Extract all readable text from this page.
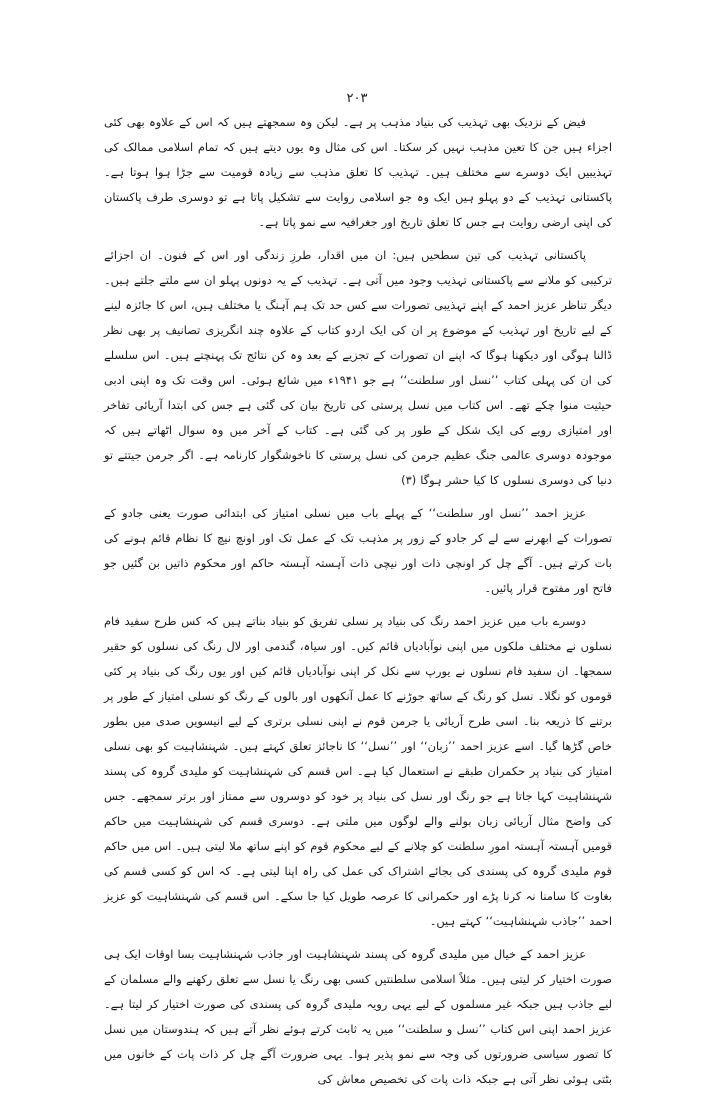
۲۰۳

فیض کے نزدیک بھی تہذیب کی بنیاد مذہب پر ہے۔ لیکن وہ سمجھتے ہیں کہ اس کے علاوہ بھی کئی اجزاء ہیں جن کا تعین مذہب نہیں کر سکتا۔ اس کی مثال وہ یوں دیتے ہیں کہ تمام اسلامی ممالک کی تہذیبیں ایک دوسرے سے مختلف ہیں۔ تہذیب کا تعلق مذہب سے زیادہ قومیت سے جڑا ہوا ہوتا ہے۔ پاکستانی تہذیب کے دو پہلو ہیں ایک وہ جو اسلامی روایت سے تشکیل پاتا ہے تو دوسری طرف پاکستان کی اپنی ارضی روایت ہے جس کا تعلق تاریخ اور جغرافیہ سے نمو پاتا ہے۔

پاکستانی تہذیب کی تین سطحیں ہیں: ان میں اقدار، طرزِ زندگی اور اس کے فنون۔ ان اجزائے ترکیبی کو ملانے سے پاکستانی تہذیب وجود میں آتی ہے۔ تہذیب کے یہ دونوں پہلو ان سے ملتے جلتے ہیں۔ دیگر تناظر عزیز احمد کے اپنے تہذیبی تصورات سے کس حد تک ہم آہنگ یا مختلف ہیں، اس کا جائزہ لینے کے لیے تاریخ اور تہذیب کے موضوع پر ان کی ایک اردو کتاب کے علاوہ چند انگریزی تصانیف پر بھی نظر ڈالنا ہوگی اور دیکھنا ہوگا کہ اپنے ان تصورات کے تجزیے کے بعد وہ کن نتائج تک پہنچتے ہیں۔ اس سلسلے کی ان کی پہلی کتاب ’’نسل اور سلطنت‘‘ ہے جو ۱۹۴۱ء میں شائع ہوئی۔ اس وقت تک وہ اپنی ادبی حیثیت منوا چکے تھے۔ اس کتاب میں نسل پرستی کی تاریخ بیان کی گئی ہے جس کی ابتدا آریائی تفاخر اور امتیازی رویے کی ایک شکل کے طور پر کی گئی ہے۔ کتاب کے آخر میں وہ سوال اٹھاتے ہیں کہ موجودہ دوسری عالمی جنگ عظیم جرمن کی نسل پرستی کا ناخوشگوار کارنامہ ہے۔ اگر جرمن جیتتے تو دنیا کی دوسری نسلوں کا کیا حشر ہوگا (۳)

عزیز احمد ’’نسل اور سلطنت‘‘ کے پہلے باب میں نسلی امتیاز کی ابتدائی صورت یعنی جادو کے تصورات کے ابھرنے سے لے کر جادو کے زور پر مذہب تک کے عمل تک اور اونچ نیچ کا نظام قائم ہونے کی بات کرتے ہیں۔ آگے چل کر اونچی ذات اور نیچی ذات آہستہ آہستہ حاکم اور محکوم ذاتیں بن گئیں جو فاتح اور مفتوح قرار پائیں۔

دوسرے باب میں عزیز احمد رنگ کی بنیاد پر نسلی تفریق کو بنیاد بناتے ہیں کہ کس طرح سفید فام نسلوں نے مختلف ملکوں میں اپنی نوآبادیاں قائم کیں۔ اور سیاہ، گندمی اور لال رنگ کی نسلوں کو حقیر سمجھا۔ ان سفید فام نسلوں نے یورپ سے نکل کر اپنی نوآبادیاں قائم کیں اور یوں رنگ کی بنیاد پر کئی قوموں کو نگلا۔ نسل کو رنگ کے ساتھ جوڑنے کا عمل آنکھوں اور بالوں کے رنگ کو نسلی امتیاز کے طور پر برتنے کا ذریعہ بنا۔ اسی طرح آریائی یا جرمن قوم نے اپنی نسلی برتری کے لیے انیسویں صدی میں بطور خاص گڑھا گیا۔ اسے عزیز احمد ’’زبان‘‘ اور ’’نسل‘‘ کا ناجائز تعلق کہتے ہیں۔ شہنشاہیت کو بھی نسلی امتیاز کی بنیاد پر حکمران طبقے نے استعمال کیا ہے۔ اس قسم کی شہنشاہیت کو ملیدی گروہ کی پسند شہنشاہیت کہا جاتا ہے جو رنگ اور نسل کی بنیاد پر خود کو دوسروں سے ممتاز اور برتر سمجھے۔ جس کی واضح مثال آریائی زبان بولنے والے لوگوں میں ملتی ہے۔ دوسری قسم کی شہنشاہیت میں حاکم قومیں آہستہ آہستہ امورِ سلطنت کو چلانے کے لیے محکوم قوم کو اپنے ساتھ ملا لیتی ہیں۔ اس میں حاکم قوم ملیدی گروہ کی پسندی کی بجائے اشتراک کی عمل کی راہ اپنا لیتی ہے۔ کہ اس کو کسی قسم کی بغاوت کا سامنا نہ کرنا پڑے اور حکمرانی کا عرصہ طویل کیا جا سکے۔ اس قسم کی شہنشاہیت کو عزیز احمد ’’جاذب شہنشاہیت‘‘ کہتے ہیں۔

عزیز احمد کے خیال میں ملیدی گروہ کی پسند شہنشاہیت اور جاذب شہنشاہیت بسا اوقات ایک ہی صورت اختیار کر لیتی ہیں۔ مثلاً اسلامی سلطنتیں کسی بھی رنگ یا نسل سے تعلق رکھنے والے مسلمان کے لیے جاذب ہیں جبکہ غیر مسلموں کے لیے یہی رویہ ملیدی گروہ کی پسندی کی صورت اختیار کر لیتا ہے۔ عزیز احمد اپنی اس کتاب ’’نسل و سلطنت‘‘ میں یہ ثابت کرتے ہوئے نظر آتے ہیں کہ ہندوستان میں نسل کا تصور سیاسی ضرورتوں کی وجہ سے نمو پذیر ہوا۔ یہی ضرورت آگے چل کر ذات پات کے خانوں میں بٹتی ہوئی نظر آتی ہے جبکہ ذات پات کی تخصیص معاش کی
